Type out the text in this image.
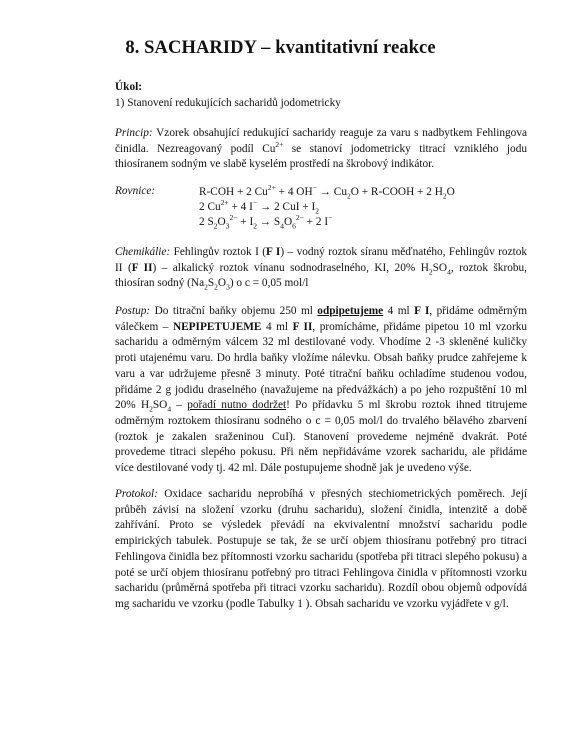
8. SACHARIDY – kvantitativní reakce
Úkol:
1) Stanovení redukujících sacharidů jodometricky
Princip: Vzorek obsahující redukující sacharidy reaguje za varu s nadbytkem Fehlingova činidla. Nezreagovaný podíl $Cu^{2+}$ se stanoví jodometricky titrací vzniklého jodu thiosíranem sodným ve slabě kyselém prostředí na škrobový indikátor.
Rovnice:	R-COH + 2 $Cu^{2+} + 4$ $OH^- \to Cu_2O$ + R-COOH + 2 $H_2O$
2 $Cu^{2+} + 4$ I− → 2 CuI + $I_2$
2 $S_2O_3^{2-} + I_2 \to S_4O_6^{2-} + 2$ I−
Chemikálie: Fehlingův roztok I (F I) – vodný roztok síranu měďnatého, Fehlingův roztok II (F II) – alkalický roztok vínanu sodnodraselného, KI, 20% $H_2SO_4$, roztok škrobu, thiosíran sodný $(Na_2S_2O_3)$ o c = 0,05 mol/l
Postup: Do titrační baňky objemu 250 ml odpipetujeme 4 ml F I, přidáme odměrným válečkem – NEPIPETUJEME 4 ml F II, promícháme, přidáme pipetou 10 ml vzorku sacharidu a odměrným válcem 32 ml destilované vody. Vhodíme 2 -3 skleněné kuličky proti utajenému varu. Do hrdla baňky vložíme nálevku. Obsah baňky prudce zahřejeme k varu a var udržujeme přesně 3 minuty. Poté titrační baňku ochladíme studenou vodou, přidáme 2 g jodidu draselného (navažujeme na předvážkách) a po jeho rozpuštění 10 ml 20% $H_2SO_4$ – pořadí nutno dodržet! Po přídavku 5 ml škrobu roztok ihned titrujeme odměrným roztokem thiosíranu sodného o c = 0,05 mol/l do trvalého bělavého zbarvení (roztok je zakalen sraženinou CuI). Stanovení provedeme nejméně dvakrát. Poté provedeme titraci slepého pokusu. Při něm nepřidáváme vzorek sacharidu, ale přidáme více destilované vody tj. 42 ml. Dále postupujeme shodně jak je uvedeno výše.
Protokol: Oxidace sacharidu neprobíhá v přesných stechiometrických poměrech. Její průběh závisí na složení vzorku (druhu sacharidu), složení činidla, intenzitě a době zahřívání. Proto se výsledek převádí na ekvivalentní množství sacharidu podle empirických tabulek. Postupuje se tak, že se určí objem thiosíranu potřebný pro titraci Fehlingova činidla bez přítomnosti vzorku sacharidu (spotřeba při titraci slepého pokusu) a poté se určí objem thiosíranu potřebný pro titraci Fehlingova činidla v přítomnosti vzorku sacharidu (průměrná spotřeba při titraci vzorku sacharidu). Rozdíl obou objemů odpovídá mg sacharidu ve vzorku (podle Tabulky 1 ). Obsah sacharidu ve vzorku vyjádřete v g/l.
